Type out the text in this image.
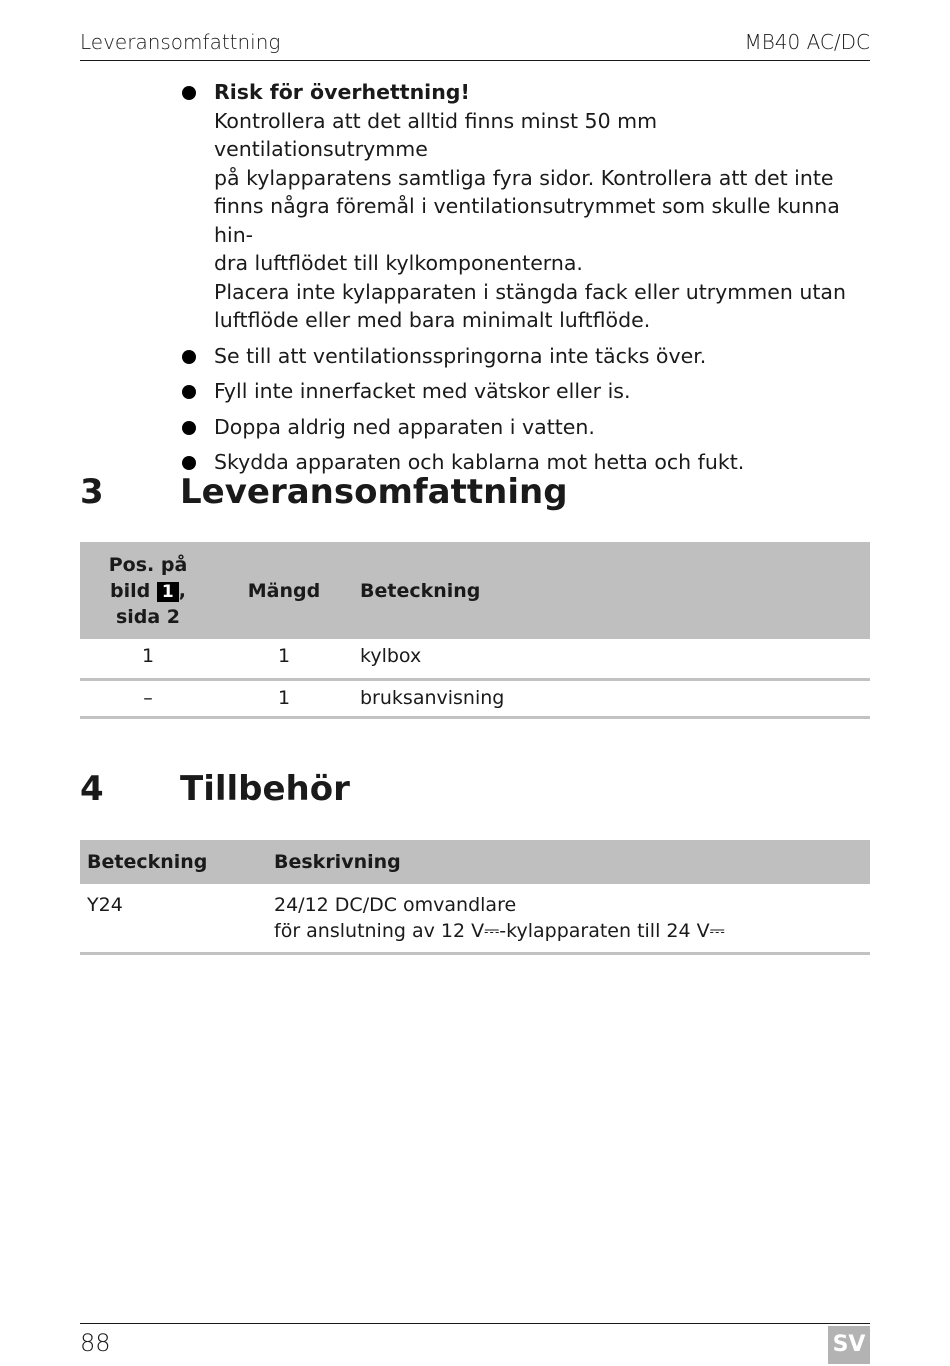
Leveransomfattning	MB40 AC/DC
Risk för överhettning!
Kontrollera att det alltid finns minst 50 mm ventilationsutrymme
på kylapparatens samtliga fyra sidor. Kontrollera att det inte
finns några föremål i ventilationsutrymmet som skulle kunna hin-
dra luftflödet till kylkomponenterna.
Placera inte kylapparaten i stängda fack eller utrymmen utan
luftflöde eller med bara minimalt luftflöde.
Se till att ventilationsspringorna inte täcks över.
Fyll inte innerfacket med vätskor eller is.
Doppa aldrig ned apparaten i vatten.
Skydda apparaten och kablarna mot hetta och fukt.
3 Leveransomfattning
Pos. på
bild 1 ,
sida 2	Mängd	Beteckning
1	1	kylbox
–	1	bruksanvisning
4 Tillbehör
Beteckning	Beskrivning
Y24	24/12 DC/DC omvandlare
för anslutning av 12 V⎓-kylapparaten till 24 V⎓
88	SV
